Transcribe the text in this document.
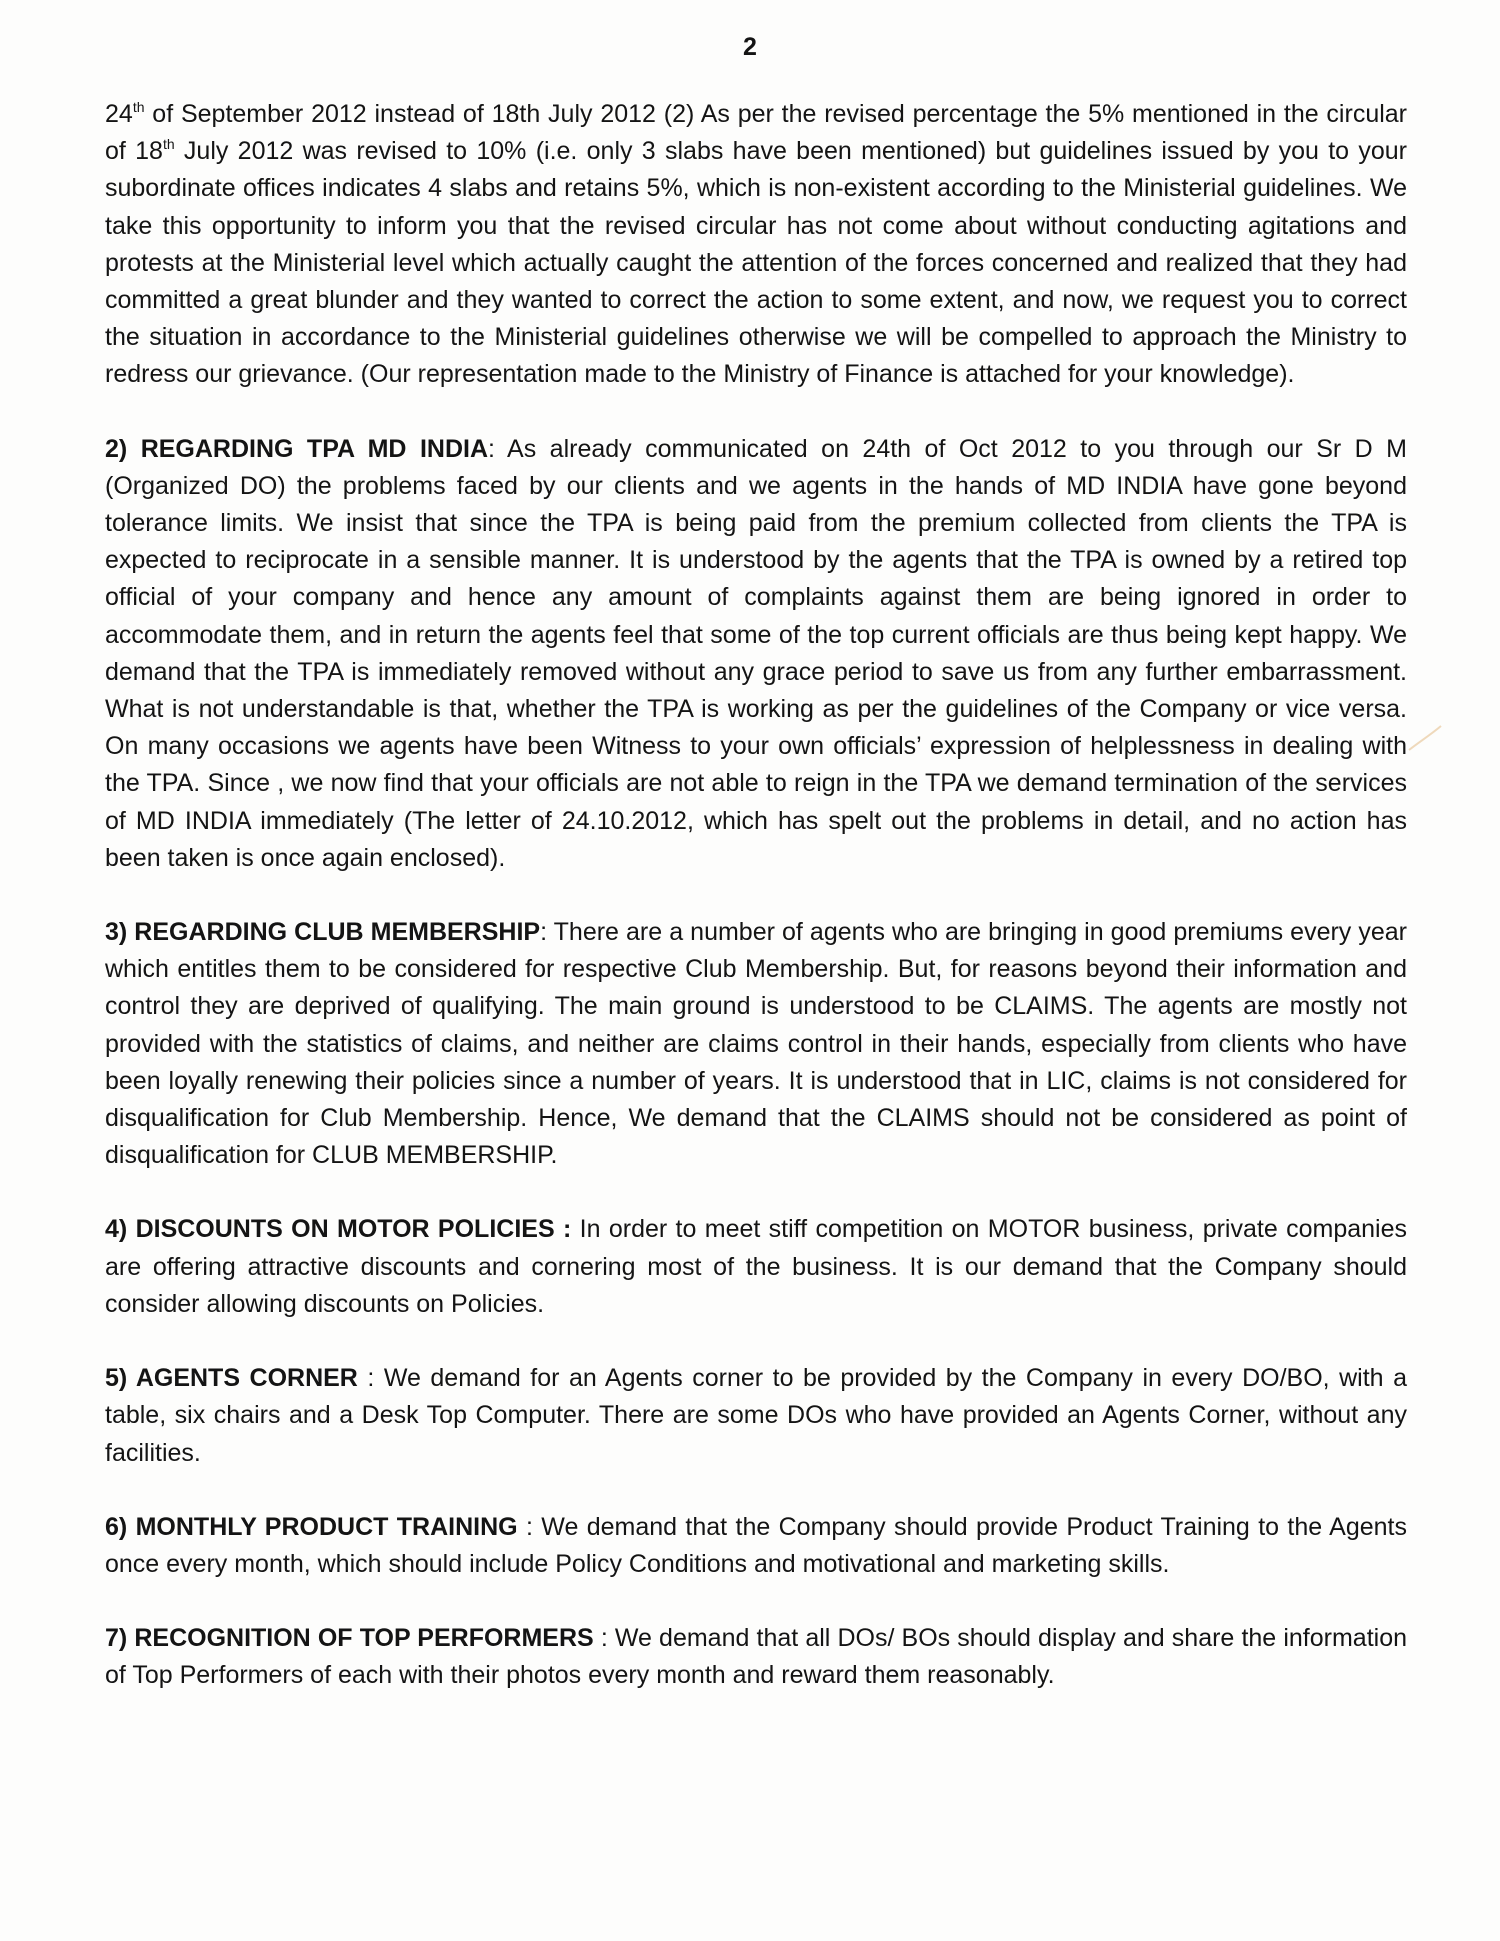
2

24th of September 2012 instead of 18th July 2012 (2) As per the revised percentage the 5% mentioned in the circular of 18th July 2012 was revised to 10% (i.e. only 3 slabs have been mentioned) but guidelines issued by you to your subordinate offices indicates 4 slabs and retains 5%, which is non-existent according to the Ministerial guidelines. We take this opportunity to inform you that the revised circular has not come about without conducting agitations and protests at the Ministerial level which actually caught the attention of the forces concerned and realized that they had committed a great blunder and they wanted to correct the action to some extent, and now, we request you to correct the situation in accordance to the Ministerial guidelines otherwise we will be compelled to approach the Ministry to redress our grievance. (Our representation made to the Ministry of Finance is attached for your knowledge).

2) REGARDING TPA MD INDIA: As already communicated on 24th of Oct 2012 to you through our Sr D M (Organized DO) the problems faced by our clients and we agents in the hands of MD INDIA have gone beyond tolerance limits. We insist that since the TPA is being paid from the premium collected from clients the TPA is expected to reciprocate in a sensible manner. It is understood by the agents that the TPA is owned by a retired top official of your company and hence any amount of complaints against them are being ignored in order to accommodate them, and in return the agents feel that some of the top current officials are thus being kept happy. We demand that the TPA is immediately removed without any grace period to save us from any further embarrassment. What is not understandable is that, whether the TPA is working as per the guidelines of the Company or vice versa. On many occasions we agents have been Witness to your own officials’ expression of helplessness in dealing with the TPA. Since , we now find that your officials are not able to reign in the TPA we demand termination of the services of MD INDIA immediately (The letter of 24.10.2012, which has spelt out the problems in detail, and no action has been taken is once again enclosed).

3) REGARDING CLUB MEMBERSHIP: There are a number of agents who are bringing in good premiums every year which entitles them to be considered for respective Club Membership. But, for reasons beyond their information and control they are deprived of qualifying. The main ground is understood to be CLAIMS. The agents are mostly not provided with the statistics of claims, and neither are claims control in their hands, especially from clients who have been loyally renewing their policies since a number of years. It is understood that in LIC, claims is not considered for disqualification for Club Membership. Hence, We demand that the CLAIMS should not be considered as point of disqualification for CLUB MEMBERSHIP.

4) DISCOUNTS ON MOTOR POLICIES : In order to meet stiff competition on MOTOR business, private companies are offering attractive discounts and cornering most of the business. It is our demand that the Company should consider allowing discounts on Policies.

5) AGENTS CORNER : We demand for an Agents corner to be provided by the Company in every DO/BO, with a table, six chairs and a Desk Top Computer. There are some DOs who have provided an Agents Corner, without any facilities.

6) MONTHLY PRODUCT TRAINING : We demand that the Company should provide Product Training to the Agents once every month, which should include Policy Conditions and motivational and marketing skills.

7) RECOGNITION OF TOP PERFORMERS : We demand that all DOs/ BOs should display and share the information of Top Performers of each with their photos every month and reward them reasonably.
